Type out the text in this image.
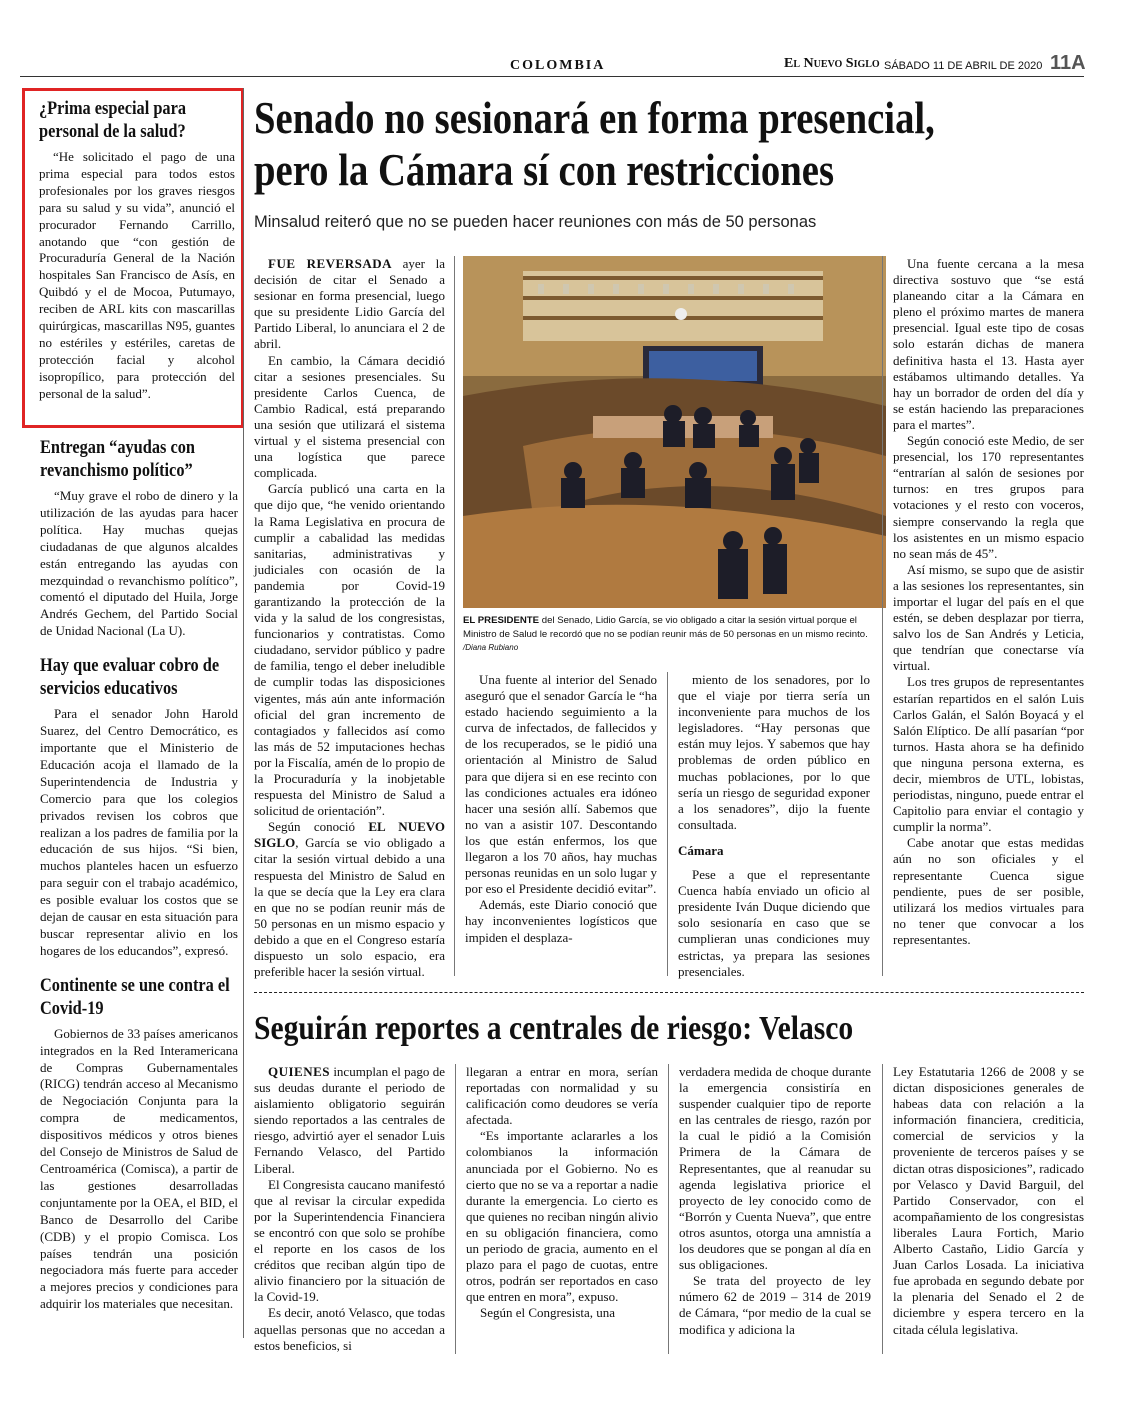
COLOMBIA	El Nuevo Siglo SÁBADO 11 DE ABRIL DE 2020 11A
¿Prima especial para personal de la salud?

“He solicitado el pago de una prima especial para todos estos profesionales por los graves riesgos para su salud y su vida”, anunció el procurador Fernando Carrillo, anotando que “con gestión de Procuraduría General de la Nación hospitales San Francisco de Asís, en Quibdó y el de Mocoa, Putumayo, reciben de ARL kits con mascarillas quirúrgicas, mascarillas N95, guantes no estériles y estériles, caretas de protección facial y alcohol isopropílico, para protección del personal de la salud”.

Entregan “ayudas con revanchismo político”

“Muy grave el robo de dinero y la utilización de las ayudas para hacer política. Hay muchas quejas ciudadanas de que algunos alcaldes están entregando las ayudas con mezquindad o revanchismo político”, comentó el diputado del Huila, Jorge Andrés Gechem, del Partido Social de Unidad Nacional (La U).

Hay que evaluar cobro de servicios educativos

Para el senador John Harold Suarez, del Centro Democrático, es importante que el Ministerio de Educación acoja el llamado de la Superintendencia de Industria y Comercio para que los colegios privados revisen los cobros que realizan a los padres de familia por la educación de sus hijos. “Si bien, muchos planteles hacen un esfuerzo para seguir con el trabajo académico, es posible evaluar los costos que se dejan de causar en esta situación para buscar representar alivio en los hogares de los educandos”, expresó.

Continente se une contra el Covid-19

Gobiernos de 33 países americanos integrados en la Red Interamericana de Compras Gubernamentales (RICG) tendrán acceso al Mecanismo de Negociación Conjunta para la compra de medicamentos, dispositivos médicos y otros bienes del Consejo de Ministros de Salud de Centroamérica (Comisca), a partir de las gestiones desarrolladas conjuntamente por la OEA, el BID, el Banco de Desarrollo del Caribe (CDB) y el propio Comisca. Los países tendrán una posición negociadora más fuerte para acceder a mejores precios y condiciones para adquirir los materiales que necesitan.

Senado no sesionará en forma presencial, pero la Cámara sí con restricciones
Minsalud reiteró que no se pueden hacer reuniones con más de 50 personas

FUE REVERSADA ayer la decisión de citar el Senado a sesionar en forma presencial, luego que su presidente Lidio García del Partido Liberal, lo anunciara el 2 de abril.

En cambio, la Cámara decidió citar a sesiones presenciales. Su presidente Carlos Cuenca, de Cambio Radical, está preparando una sesión que utilizará el sistema virtual y el sistema presencial con una logística que parece complicada.

García publicó una carta en la que dijo que, “he venido orientando la Rama Legislativa en procura de cumplir a cabalidad las medidas sanitarias, administrativas y judiciales con ocasión de la pandemia por Covid-19 garantizando la protección de la vida y la salud de los congresistas, funcionarios y contratistas. Como ciudadano, servidor público y padre de familia, tengo el deber ineludible de cumplir todas las disposiciones vigentes, más aún ante información oficial del gran incremento de contagiados y fallecidos así como las más de 52 imputaciones hechas por la Fiscalía, amén de lo propio de la Procuraduría y la inobjetable respuesta del Ministro de Salud a solicitud de orientación”.

Según conoció EL NUEVO SIGLO, García se vio obligado a citar la sesión virtual debido a una respuesta del Ministro de Salud en la que se decía que la Ley era clara en que no se podían reunir más de 50 personas en un mismo espacio y debido a que en el Congreso estaría dispuesto un solo espacio, era preferible hacer la sesión virtual.

EL PRESIDENTE del Senado, Lidio García, se vio obligado a citar la sesión virtual porque el Ministro de Salud le recordó que no se podían reunir más de 50 personas en un mismo recinto. /Diana Rubiano

Una fuente al interior del Senado aseguró que el senador García le “ha estado haciendo seguimiento a la curva de infectados, de fallecidos y de los recuperados, se le pidió una orientación al Ministro de Salud para que dijera si en ese recinto con las condiciones actuales era idóneo hacer una sesión allí. Sabemos que no van a asistir 107. Descontando los que están enfermos, los que llegaron a los 70 años, hay muchas personas reunidas en un solo lugar y por eso el Presidente decidió evitar”.

Además, este Diario conoció que hay inconvenientes logísticos que impiden el desplaza-

miento de los senadores, por lo que el viaje por tierra sería un inconveniente para muchos de los legisladores. “Hay personas que están muy lejos. Y sabemos que hay problemas de orden público en muchas poblaciones, por lo que sería un riesgo de seguridad exponer a los senadores”, dijo la fuente consultada.

Cámara

Pese a que el representante Cuenca había enviado un oficio al presidente Iván Duque diciendo que solo sesionaría en caso que se cumplieran unas condiciones muy estrictas, ya prepara las sesiones presenciales.

Una fuente cercana a la mesa directiva sostuvo que “se está planeando citar a la Cámara en pleno el próximo martes de manera presencial. Igual este tipo de cosas solo estarán dichas de manera definitiva hasta el 13. Hasta ayer estábamos ultimando detalles. Ya hay un borrador de orden del día y se están haciendo las preparaciones para el martes”.

Según conoció este Medio, de ser presencial, los 170 representantes “entrarían al salón de sesiones por turnos: en tres grupos para votaciones y el resto con voceros, siempre conservando la regla que los asistentes en un mismo espacio no sean más de 45”.

Así mismo, se supo que de asistir a las sesiones los representantes, sin importar el lugar del país en el que estén, se deben desplazar por tierra, salvo los de San Andrés y Leticia, que tendrían que conectarse vía virtual.

Los tres grupos de representantes estarían repartidos en el salón Luis Carlos Galán, el Salón Boyacá y el Salón Elíptico. De allí pasarían “por turnos. Hasta ahora se ha definido que ninguna persona externa, es decir, miembros de UTL, lobistas, periodistas, ninguno, puede entrar el Capitolio para enviar el contagio y cumplir la norma”.

Cabe anotar que estas medidas aún no son oficiales y el representante Cuenca sigue pendiente, pues de ser posible, utilizará los medios virtuales para no tener que convocar a los representantes.

Seguirán reportes a centrales de riesgo: Velasco

QUIENES incumplan el pago de sus deudas durante el periodo de aislamiento obligatorio seguirán siendo reportados a las centrales de riesgo, advirtió ayer el senador Luis Fernando Velasco, del Partido Liberal.

El Congresista caucano manifestó que al revisar la circular expedida por la Superintendencia Financiera se encontró con que solo se prohíbe el reporte en los casos de los créditos que reciban algún tipo de alivio financiero por la situación de la Covid-19.

Es decir, anotó Velasco, que todas aquellas personas que no accedan a estos beneficios, si

llegaran a entrar en mora, serían reportadas con normalidad y su calificación como deudores se vería afectada.

“Es importante aclararles a los colombianos la información anunciada por el Gobierno. No es cierto que no se va a reportar a nadie durante la emergencia. Lo cierto es que quienes no reciban ningún alivio en su obligación financiera, como un periodo de gracia, aumento en el plazo para el pago de cuotas, entre otros, podrán ser reportados en caso que entren en mora”, expuso.

Según el Congresista, una

verdadera medida de choque durante la emergencia consistiría en suspender cualquier tipo de reporte en las centrales de riesgo, razón por la cual le pidió a la Comisión Primera de la Cámara de Representantes, que al reanudar su agenda legislativa priorice el proyecto de ley conocido como de “Borrón y Cuenta Nueva”, que entre otros asuntos, otorga una amnistía a los deudores que se pongan al día en sus obligaciones.

Se trata del proyecto de ley número 62 de 2019 – 314 de 2019 de Cámara, “por medio de la cual se modifica y adiciona la

Ley Estatutaria 1266 de 2008 y se dictan disposiciones generales de habeas data con relación a la información financiera, crediticia, comercial de servicios y la proveniente de terceros países y se dictan otras disposiciones”, radicado por Velasco y David Barguil, del Partido Conservador, con el acompañamiento de los congresistas liberales Laura Fortich, Mario Alberto Castaño, Lidio García y Juan Carlos Losada. La iniciativa fue aprobada en segundo debate por la plenaria del Senado el 2 de diciembre y espera tercero en la citada célula legislativa.
